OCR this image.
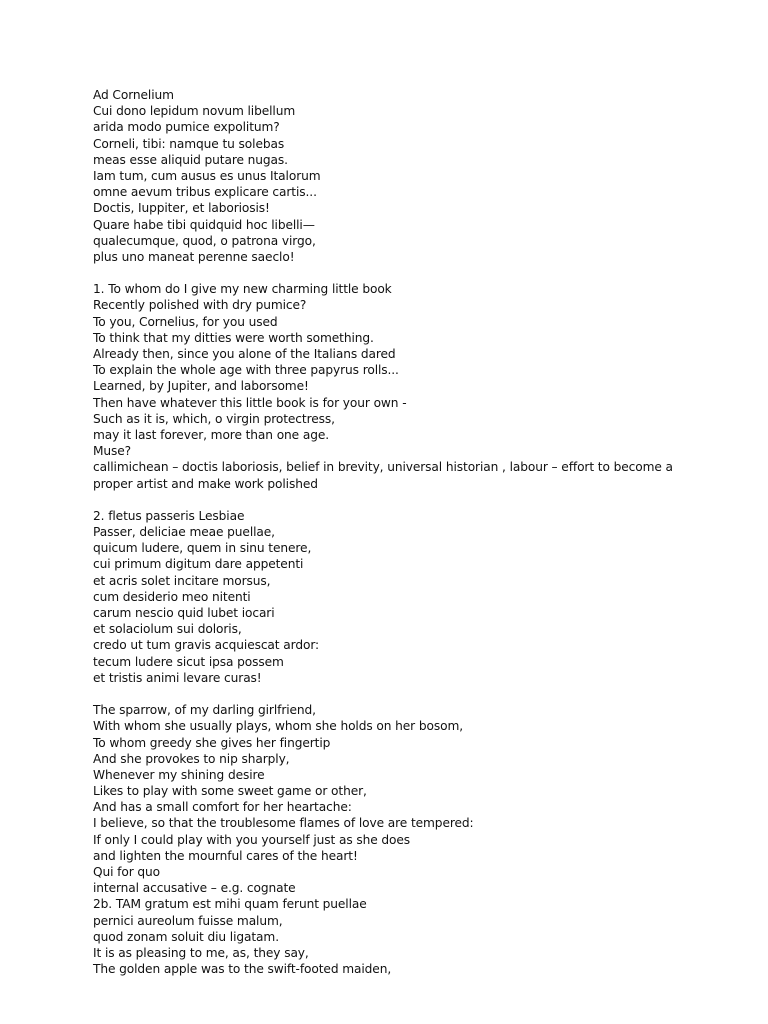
Ad Cornelium
Cui dono lepidum novum libellum
arida modo pumice expolitum?
Corneli, tibi: namque tu solebas
meas esse aliquid putare nugas.
Iam tum, cum ausus es unus Italorum
omne aevum tribus explicare cartis...
Doctis, Iuppiter, et laboriosis!
Quare habe tibi quidquid hoc libelli—
qualecumque, quod, o patrona virgo,
plus uno maneat perenne saeclo!
1. To whom do I give my new charming little book
Recently polished with dry pumice?
To you, Cornelius, for you used
To think that my ditties were worth something.
Already then, since you alone of the Italians dared
To explain the whole age with three papyrus rolls...
Learned, by Jupiter, and laborsome!
Then have whatever this little book is for your own -
Such as it is, which, o virgin protectress,
may it last forever, more than one age.
Muse?
callimichean – doctis laboriosis, belief in brevity, universal historian , labour – effort to become a
proper artist and make work polished
2. fletus passeris Lesbiae
Passer, deliciae meae puellae,
quicum ludere, quem in sinu tenere,
cui primum digitum dare appetenti
et acris solet incitare morsus,
cum desiderio meo nitenti
carum nescio quid lubet iocari
et solaciolum sui doloris,
credo ut tum gravis acquiescat ardor:
tecum ludere sicut ipsa possem
et tristis animi levare curas!
The sparrow, of my darling girlfriend,
With whom she usually plays, whom she holds on her bosom,
To whom greedy she gives her fingertip
And she provokes to nip sharply,
Whenever my shining desire
Likes to play with some sweet game or other,
And has a small comfort for her heartache:
I believe, so that the troublesome flames of love are tempered:
If only I could play with you yourself just as she does
and lighten the mournful cares of the heart!
Qui for quo
internal accusative – e.g. cognate
2b. TAM gratum est mihi quam ferunt puellae
pernici aureolum fuisse malum,
quod zonam soluit diu ligatam.
It is as pleasing to me, as, they say,
The golden apple was to the swift-footed maiden,
